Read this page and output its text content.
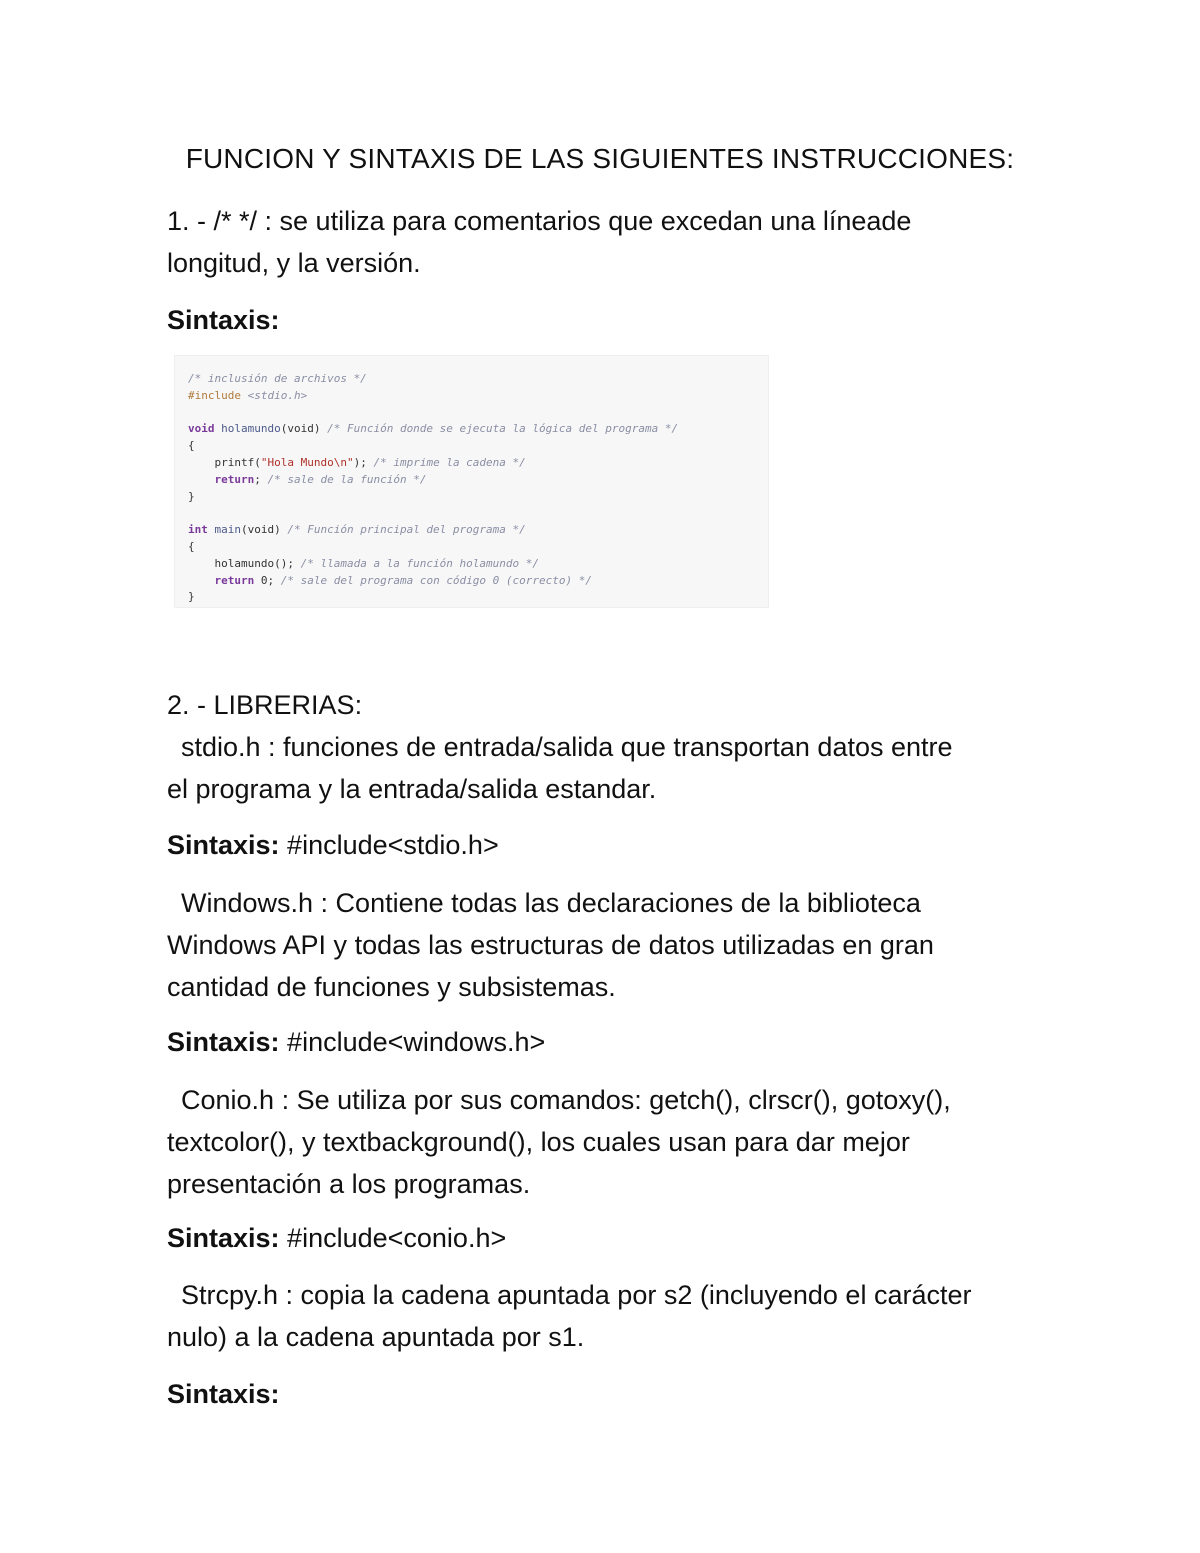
FUNCION Y SINTAXIS DE LAS SIGUIENTES INSTRUCCIONES:

1. - /* */ : se utiliza para comentarios que excedan una líneade
longitud, y la versión.

Sintaxis:

/* inclusión de archivos */
#include <stdio.h>

void holamundo(void) /* Función donde se ejecuta la lógica del programa */
{
printf("Hola Mundo\n"); /* imprime la cadena */
return; /* sale de la función */
}

int main(void) /* Función principal del programa */
{
holamundo(); /* llamada a la función holamundo */
return 0; /* sale del programa con código 0 (correcto) */
}

2. - LIBRERIAS:

stdio.h : funciones de entrada/salida que transportan datos entre
el programa y la entrada/salida estandar.

Sintaxis: #include<stdio.h>

Windows.h : Contiene todas las declaraciones de la biblioteca
Windows API y todas las estructuras de datos utilizadas en gran
cantidad de funciones y subsistemas.

Sintaxis: #include<windows.h>

Conio.h : Se utiliza por sus comandos: getch(), clrscr(), gotoxy(),
textcolor(), y textbackground(), los cuales usan para dar mejor
presentación a los programas.

Sintaxis: #include<conio.h>

Strcpy.h : copia la cadena apuntada por s2 (incluyendo el carácter
nulo) a la cadena apuntada por s1.

Sintaxis:
